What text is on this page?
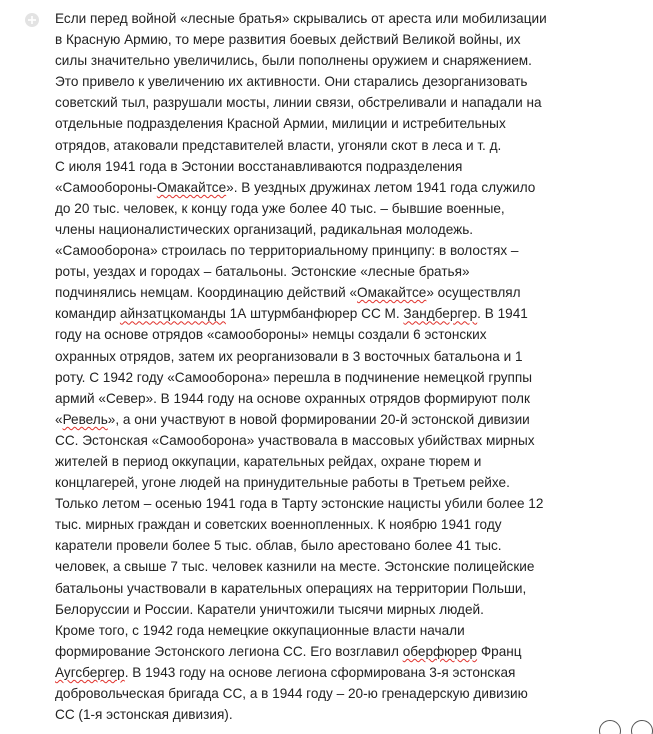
Если перед войной «лесные братья» скрывались от ареста или мобилизации
в Красную Армию, то мере развития боевых действий Великой войны, их
силы значительно увеличились, были пополнены оружием и снаряжением.
Это привело к увеличению их активности. Они старались дезорганизовать
советский тыл, разрушали мосты, линии связи, обстреливали и нападали на
отдельные подразделения Красной Армии, милиции и истребительных
отрядов, атаковали представителей власти, угоняли скот в леса и т. д.
С июля 1941 года в Эстонии восстанавливаются подразделения
«Самообороны-Омакайтсе». В уездных дружинах летом 1941 года служило
до 20 тыс. человек, к концу года уже более 40 тыс. – бывшие военные,
члены националистических организаций, радикальная молодежь.
«Самооборона» строилась по территориальному принципу: в волостях –
роты, уездах и городах – батальоны. Эстонские «лесные братья»
подчинялись немцам. Координацию действий «Омакайтсе» осуществлял
командир айнзатцкоманды 1А штурмбанфюрер СС М. Зандбергер. В 1941
году на основе отрядов «самообороны» немцы создали 6 эстонских
охранных отрядов, затем их реорганизовали в 3 восточных батальона и 1
роту. С 1942 году «Самооборона» перешла в подчинение немецкой группы
армий «Север». В 1944 году на основе охранных отрядов формируют полк
«Ревель», а они участвуют в новой формировании 20-й эстонской дивизии
СС. Эстонская «Самооборона» участвовала в массовых убийствах мирных
жителей в период оккупации, карательных рейдах, охране тюрем и
концлагерей, угоне людей на принудительные работы в Третьем рейхе.
Только летом – осенью 1941 года в Тарту эстонские нацисты убили более 12
тыс. мирных граждан и советских военнопленных. К ноябрю 1941 году
каратели провели более 5 тыс. облав, было арестовано более 41 тыс.
человек, а свыше 7 тыс. человек казнили на месте. Эстонские полицейские
батальоны участвовали в карательных операциях на территории Польши,
Белоруссии и России. Каратели уничтожили тысячи мирных людей.
Кроме того, с 1942 года немецкие оккупационные власти начали
формирование Эстонского легиона СС. Его возглавил оберфюрер Франц
Аугсбергер. В 1943 году на основе легиона сформирована 3-я эстонская
добровольческая бригада СС, а в 1944 году – 20-ю гренадерскую дивизию
СС (1-я эстонская дивизия).
